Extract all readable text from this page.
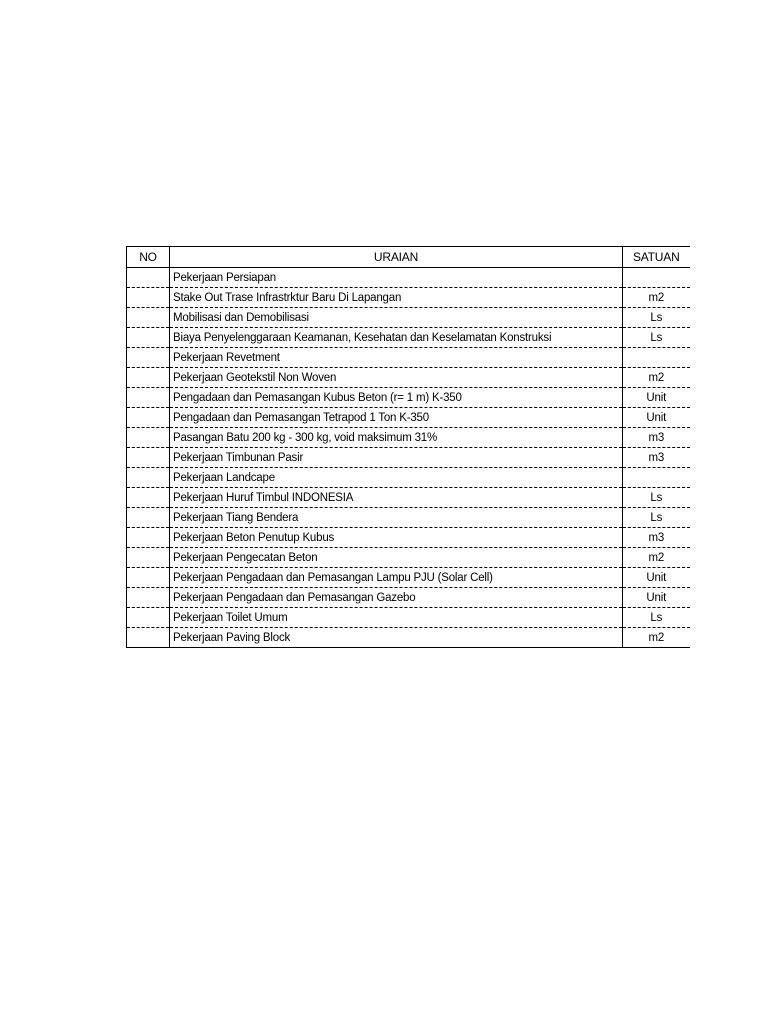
NO	URAIAN	SATUAN
	Pekerjaan Persiapan	
	Stake Out Trase Infrastrktur Baru Di Lapangan	m2
	Mobilisasi dan Demobilisasi	Ls
	Biaya Penyelenggaraan Keamanan, Kesehatan dan Keselamatan Konstruksi	Ls
	Pekerjaan Revetment	
	Pekerjaan Geotekstil Non Woven	m2
	Pengadaan dan Pemasangan Kubus Beton (r= 1 m) K-350	Unit
	Pengadaan dan Pemasangan Tetrapod 1 Ton K-350	Unit
	Pasangan Batu 200 kg - 300 kg, void maksimum 31%	m3
	Pekerjaan Timbunan Pasir	m3
	Pekerjaan Landcape	
	Pekerjaan Huruf Timbul INDONESIA	Ls
	Pekerjaan Tiang Bendera	Ls
	Pekerjaan Beton Penutup Kubus	m3
	Pekerjaan Pengecatan Beton	m2
	Pekerjaan Pengadaan dan Pemasangan Lampu PJU (Solar Cell)	Unit
	Pekerjaan Pengadaan dan Pemasangan Gazebo	Unit
	Pekerjaan Toilet Umum	Ls
	Pekerjaan Paving Block	m2
